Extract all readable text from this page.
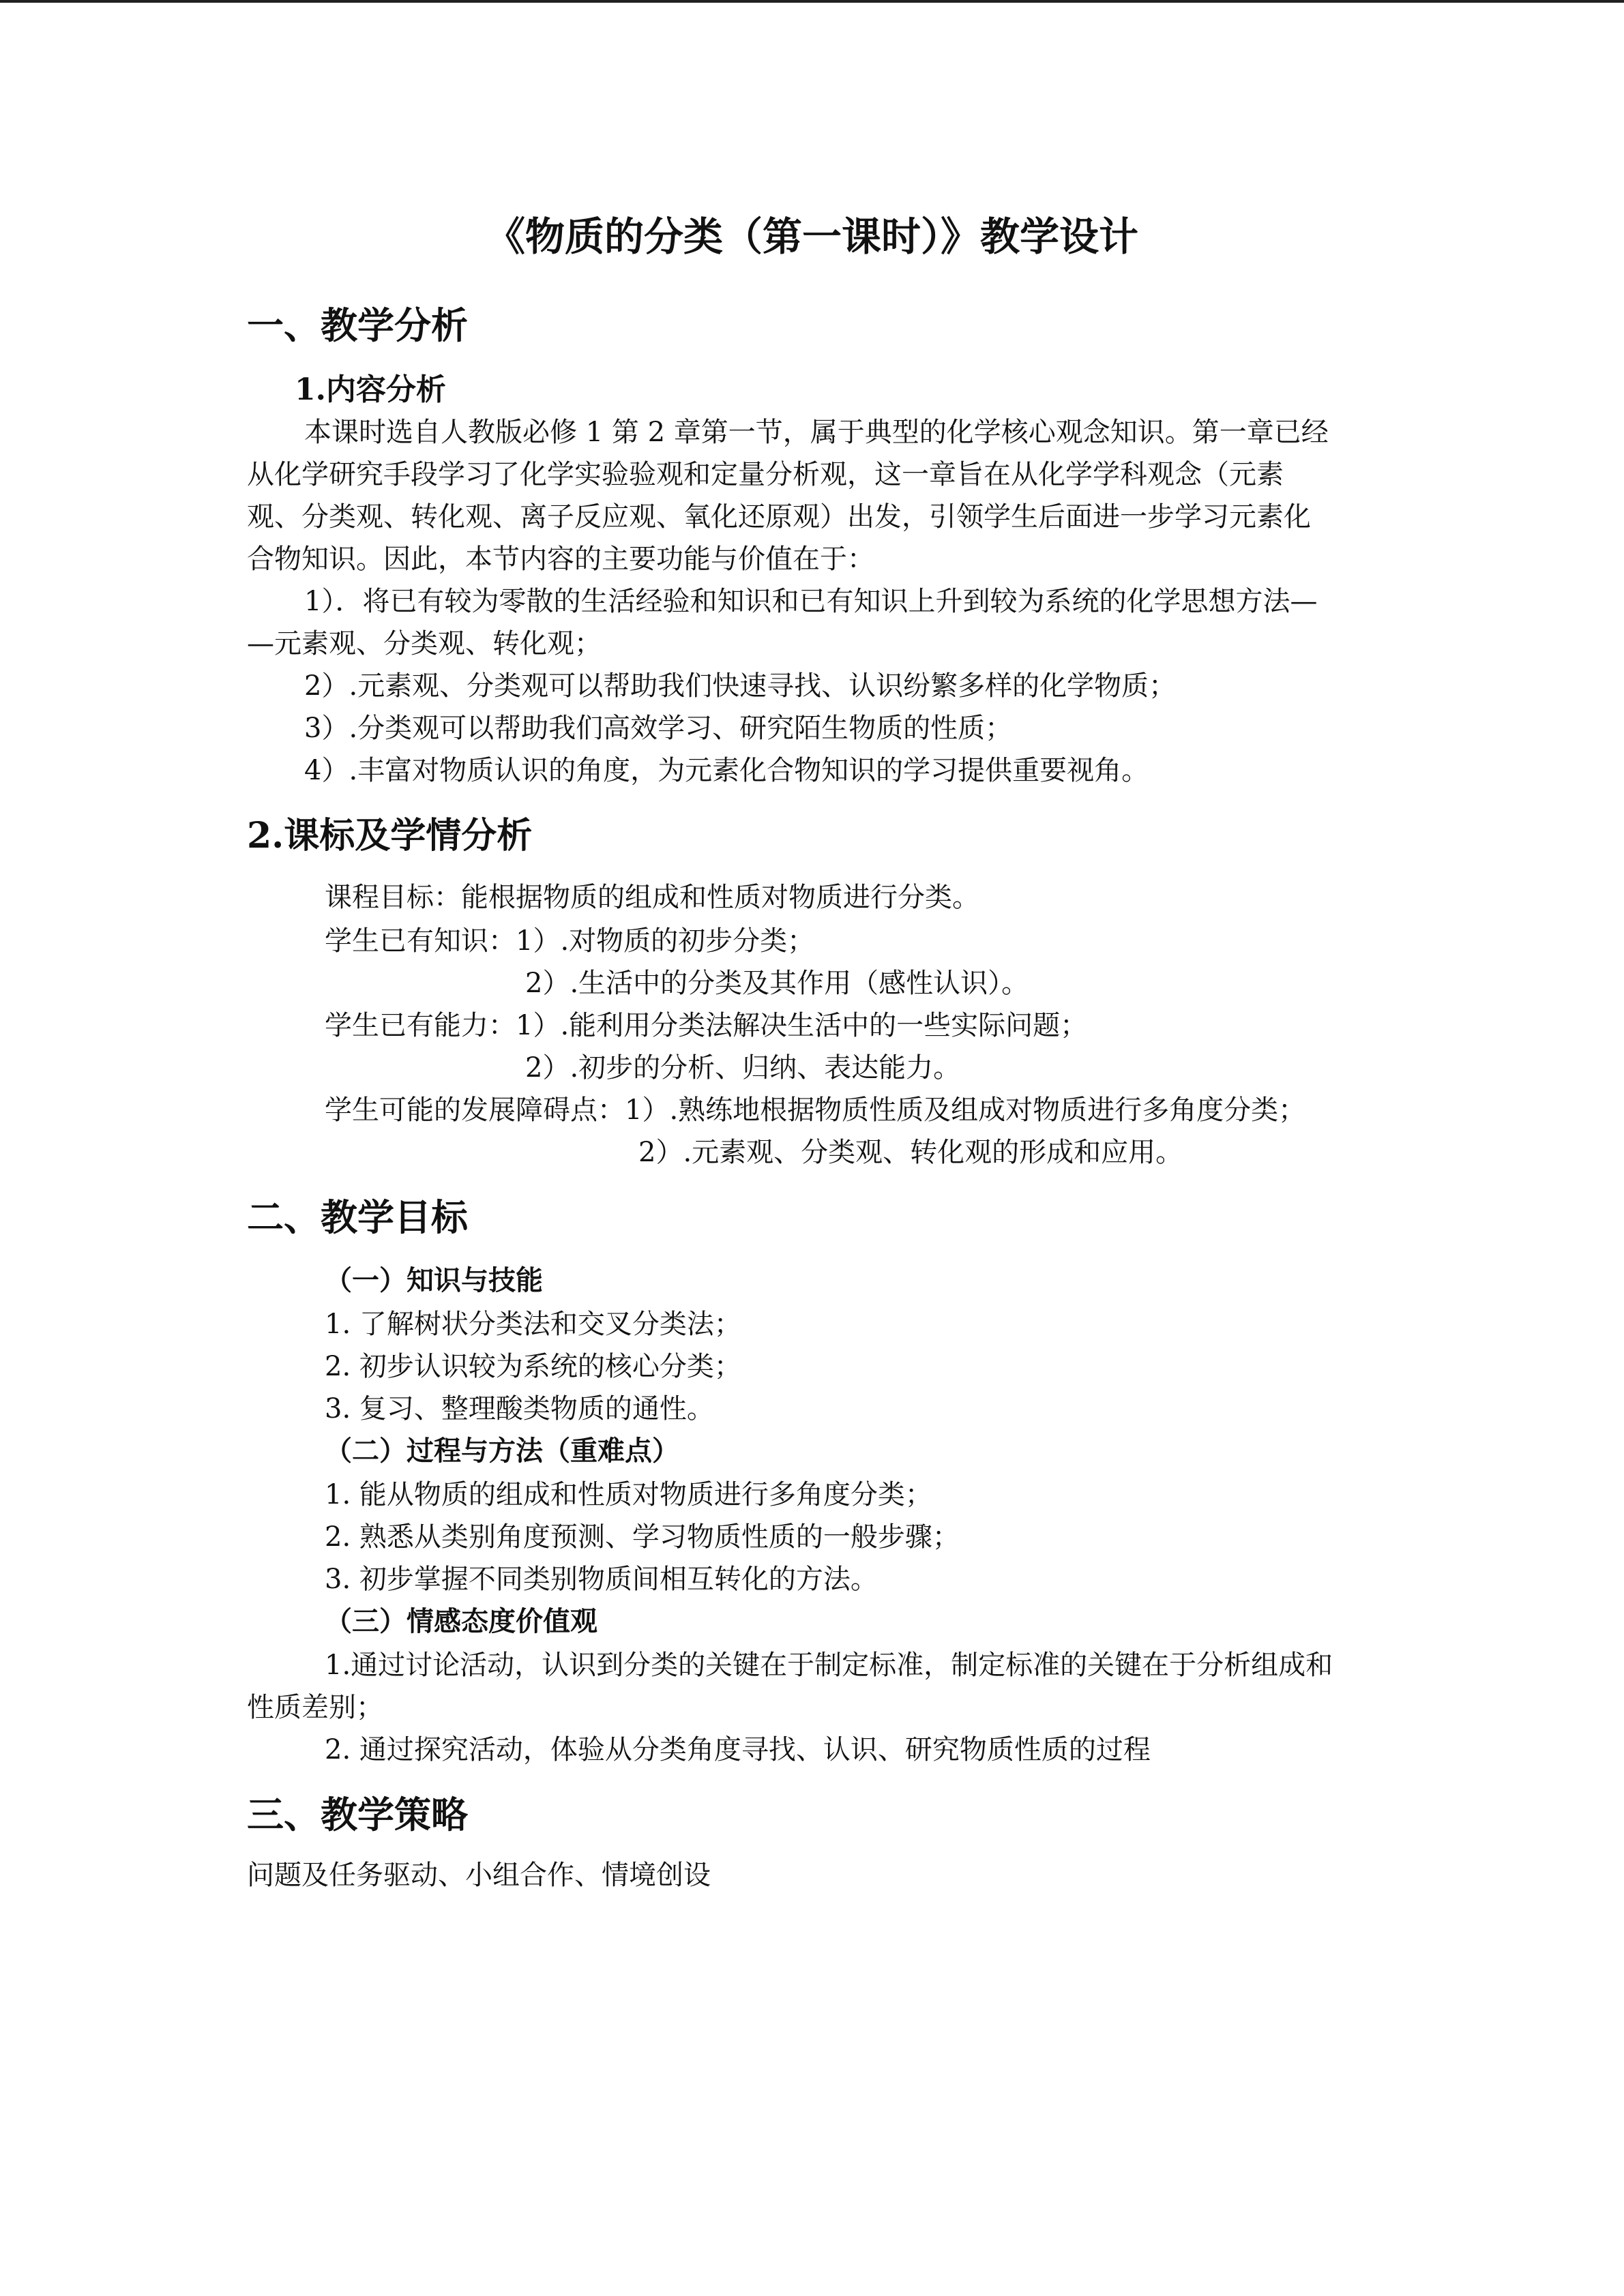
《物质的分类（第一课时）》教学设计
一、教学分析
1.内容分析
本课时选自人教版必修 1 第 2 章第一节，属于典型的化学核心观念知识。第一章已经
从化学研究手段学习了化学实验验观和定量分析观，这一章旨在从化学学科观念（元素
观、分类观、转化观、离子反应观、氧化还原观）出发，引领学生后面进一步学习元素化
合物知识。因此，本节内容的主要功能与价值在于：
1）．将已有较为零散的生活经验和知识和已有知识上升到较为系统的化学思想方法—
—元素观、分类观、转化观；
2）.元素观、分类观可以帮助我们快速寻找、认识纷繁多样的化学物质；
3）.分类观可以帮助我们高效学习、研究陌生物质的性质；
4）.丰富对物质认识的角度，为元素化合物知识的学习提供重要视角。
2.课标及学情分析
课程目标：能根据物质的组成和性质对物质进行分类。
学生已有知识：1）.对物质的初步分类；
2）.生活中的分类及其作用（感性认识）。
学生已有能力：1）.能利用分类法解决生活中的一些实际问题；
2）.初步的分析、归纳、表达能力。
学生可能的发展障碍点：1）.熟练地根据物质性质及组成对物质进行多角度分类；
2）.元素观、分类观、转化观的形成和应用。
二、教学目标
（一）知识与技能
1. 了解树状分类法和交叉分类法；
2. 初步认识较为系统的核心分类；
3. 复习、整理酸类物质的通性。
（二）过程与方法（重难点）
1. 能从物质的组成和性质对物质进行多角度分类；
2. 熟悉从类别角度预测、学习物质性质的一般步骤；
3. 初步掌握不同类别物质间相互转化的方法。
（三）情感态度价值观
1.通过讨论活动，认识到分类的关键在于制定标准，制定标准的关键在于分析组成和
性质差别；
2. 通过探究活动，体验从分类角度寻找、认识、研究物质性质的过程
三、教学策略
问题及任务驱动、小组合作、情境创设
